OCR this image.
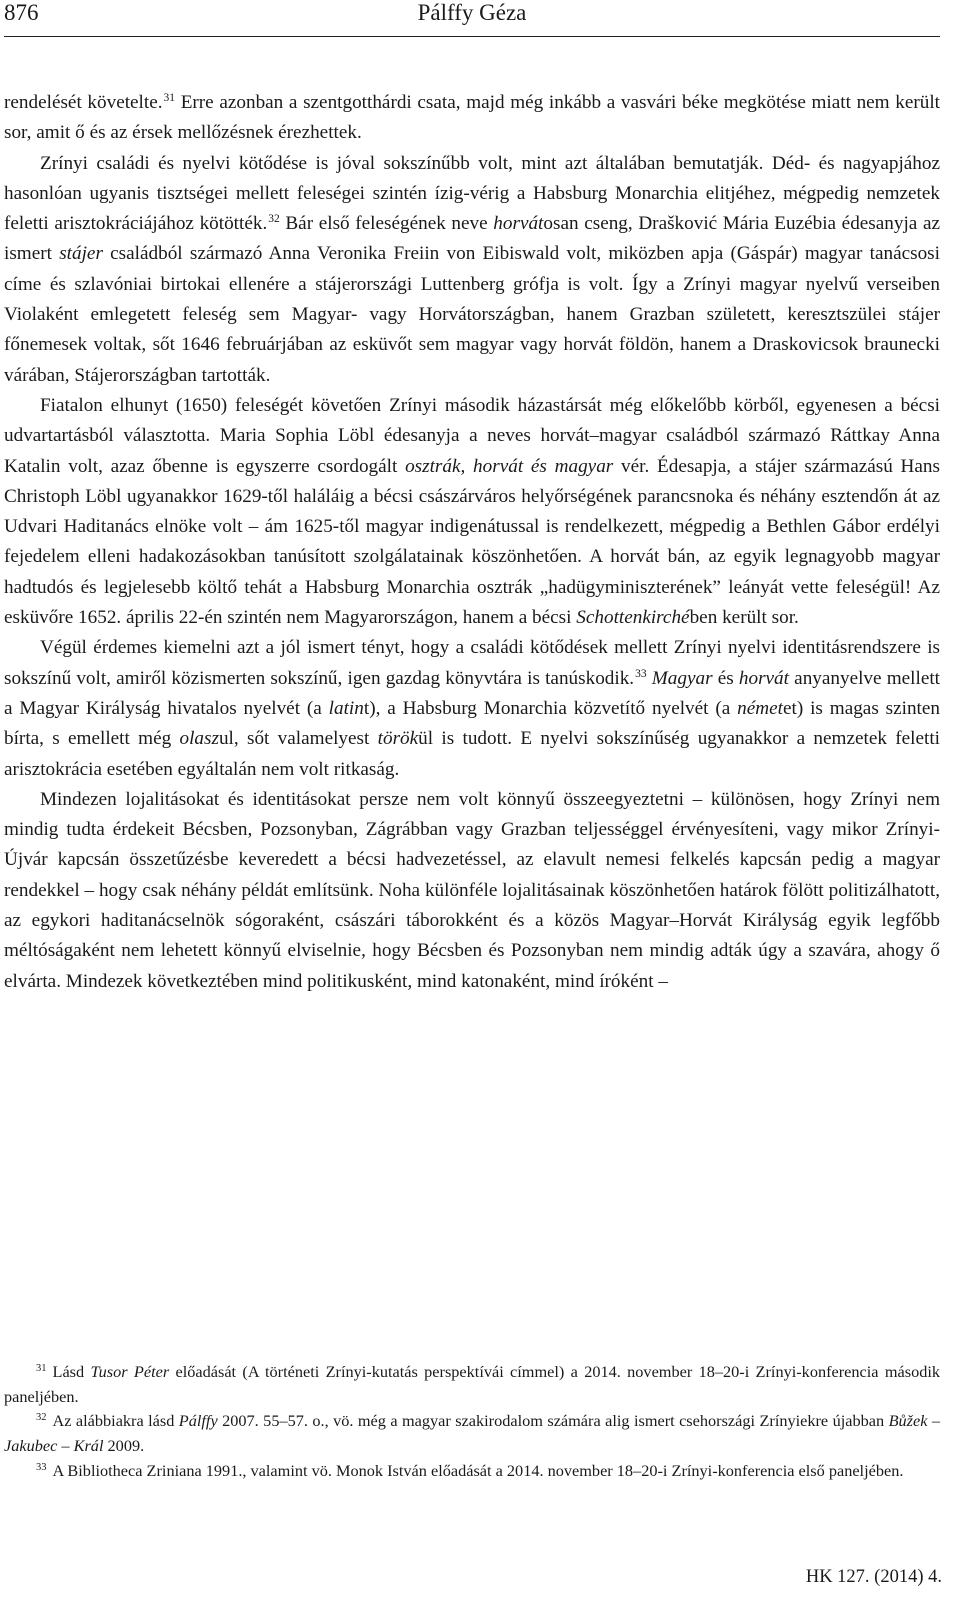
876	Pálffy Géza

rendelését követelte.$^{31}$ Erre azonban a szentgotthárdi csata, majd még inkább a vasvári béke megkötése miatt nem került sor, amit ő és az érsek mellőzésnek érezhettek.

Zrínyi családi és nyelvi kötődése is jóval sokszínűbb volt, mint azt általában bemutatják. Déd- és nagyapjához hasonlóan ugyanis tisztségei mellett feleségei szintén ízig-vérig a Habsburg Monarchia elitjéhez, mégpedig nemzetek feletti arisztokráciájához kötötték.$^{32}$ Bár első feleségének neve horvátosan cseng, Drašković Mária Euzébia édesanyja az ismert stájer családból származó Anna Veronika Freiin von Eibiswald volt, miközben apja (Gáspár) magyar tanácsosi címe és szlavóniai birtokai ellenére a stájerországi Luttenberg grófja is volt. Így a Zrínyi magyar nyelvű verseiben Violaként emlegetett feleség sem Magyar- vagy Horvátországban, hanem Grazban született, keresztszülei stájer főnemesek voltak, sőt 1646 februárjában az esküvőt sem magyar vagy horvát földön, hanem a Draskovicsok braunecki várában, Stájerországban tartották.

Fiatalon elhunyt (1650) feleségét követően Zrínyi második házastársát még előkelőbb körből, egyenesen a bécsi udvartartásból választotta. Maria Sophia Löbl édesanyja a neves horvát–magyar családból származó Ráttkay Anna Katalin volt, azaz őbenne is egyszerre csordogált osztrák, horvát és magyar vér. Édesapja, a stájer származású Hans Christoph Löbl ugyanakkor 1629-től haláláig a bécsi császárváros helyőrségének parancsnoka és néhány esztendőn át az Udvari Haditanács elnöke volt – ám 1625-től magyar indigenátussal is rendelkezett, mégpedig a Bethlen Gábor erdélyi fejedelem elleni hadakozásokban tanúsított szolgálatainak köszönhetően. A horvát bán, az egyik legnagyobb magyar hadtudós és legjelesebb költő tehát a Habsburg Monarchia osztrák „hadügyminiszterének” leányát vette feleségül! Az esküvőre 1652. április 22-én szintén nem Magyarországon, hanem a bécsi Schottenkirchében került sor.

Végül érdemes kiemelni azt a jól ismert tényt, hogy a családi kötődések mellett Zrínyi nyelvi identitásrendszere is sokszínű volt, amiről közismerten sokszínű, igen gazdag könyvtára is tanúskodik.$^{33}$ Magyar és horvát anyanyelve mellett a Magyar Királyság hivatalos nyelvét (a latint), a Habsburg Monarchia közvetítő nyelvét (a németet) is magas szinten bírta, s emellett még olaszul, sőt valamelyest törökül is tudott. E nyelvi sokszínűség ugyanakkor a nemzetek feletti arisztokrácia esetében egyáltalán nem volt ritkaság.

Mindezen lojalitásokat és identitásokat persze nem volt könnyű összeegyeztetni – különösen, hogy Zrínyi nem mindig tudta érdekeit Bécsben, Pozsonyban, Zágrábban vagy Grazban teljességgel érvényesíteni, vagy mikor Zrínyi-Újvár kapcsán összetűzésbe keveredett a bécsi hadvezetéssel, az elavult nemesi felkelés kapcsán pedig a magyar rendekkel – hogy csak néhány példát említsünk. Noha különféle lojalitásainak köszönhetően határok fölött politizálhatott, az egykori haditanácselnök sógoraként, császári táborokként és a közös Magyar–Horvát Királyság egyik legfőbb méltóságaként nem lehetett könnyű elviselnie, hogy Bécsben és Pozsonyban nem mindig adták úgy a szavára, ahogy ő elvárta. Mindezek következtében mind politikusként, mind katonaként, mind íróként –

$^{31}$ Lásd Tusor Péter előadását (A történeti Zrínyi-kutatás perspektívái címmel) a 2014. november 18–20-i Zrínyi-konferencia második paneljében.

$^{32}$ Az alábbiakra lásd Pálffy 2007. 55–57. o., vö. még a magyar szakirodalom számára alig ismert csehországi Zrínyiekre újabban Bůžek – Jakubec – Král 2009.

$^{33}$ A Bibliotheca Zriniana 1991., valamint vö. Monok István előadását a 2014. november 18–20-i Zrínyi-konferencia első paneljében.

HK 127. (2014) 4.
